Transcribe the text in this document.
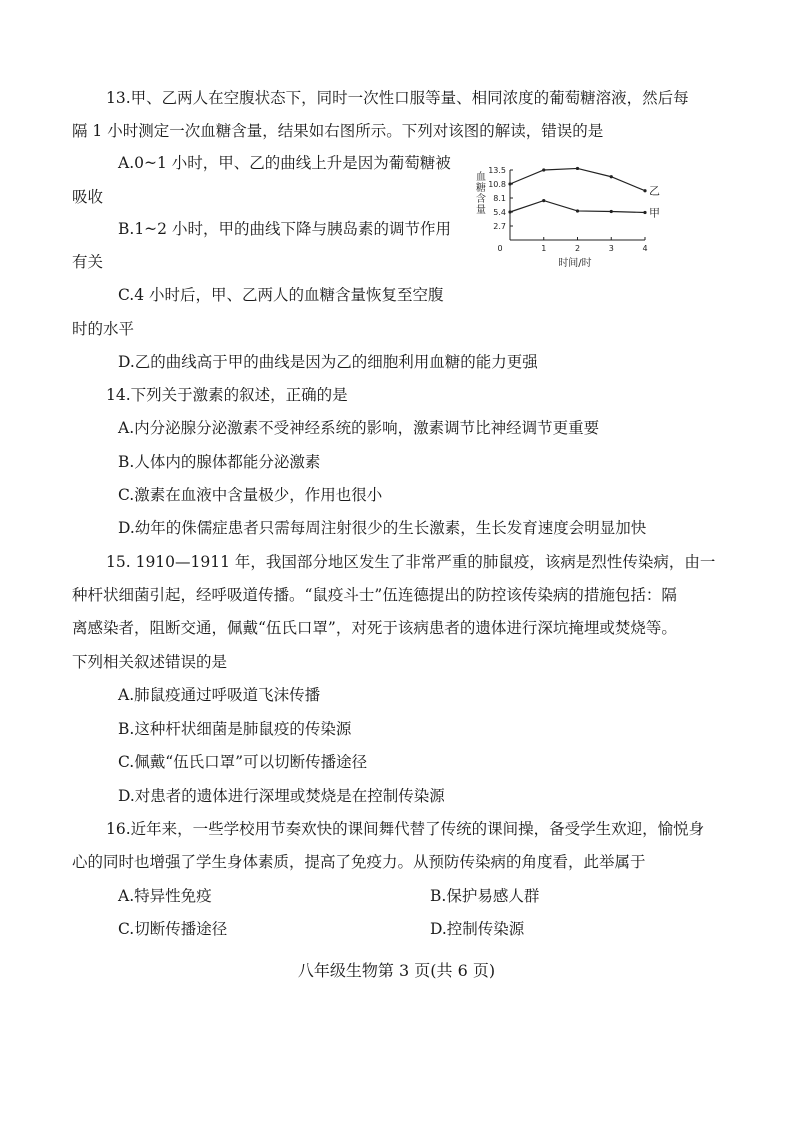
13.甲、乙两人在空腹状态下，同时一次性口服等量、相同浓度的葡萄糖溶液，然后每
隔 1 小时测定一次血糖含量，结果如右图所示。下列对该图的解读，错误的是
A.0~1 小时，甲、乙的曲线上升是因为葡萄糖被
吸收
B.1~2 小时，甲的曲线下降与胰岛素的调节作用
有关
C.4 小时后，甲、乙两人的血糖含量恢复至空腹
时的水平
D.乙的曲线高于甲的曲线是因为乙的细胞利用血糖的能力更强
血糖含量
2.7
5.4
8.1
10.8
13.5
0	1	2	3	4
乙
甲
时间/时
14.下列关于激素的叙述，正确的是
A.内分泌腺分泌激素不受神经系统的影响，激素调节比神经调节更重要
B.人体内的腺体都能分泌激素
C.激素在血液中含量极少，作用也很小
D.幼年的侏儒症患者只需每周注射很少的生长激素，生长发育速度会明显加快
15. 1910—1911 年，我国部分地区发生了非常严重的肺鼠疫，该病是烈性传染病，由一
种杆状细菌引起，经呼吸道传播。“鼠疫斗士”伍连德提出的防控该传染病的措施包括：隔
离感染者，阻断交通，佩戴“伍氏口罩”，对死于该病患者的遗体进行深坑掩埋或焚烧等。
下列相关叙述错误的是
A.肺鼠疫通过呼吸道飞沫传播
B.这种杆状细菌是肺鼠疫的传染源
C.佩戴“伍氏口罩”可以切断传播途径
D.对患者的遗体进行深埋或焚烧是在控制传染源
16.近年来，一些学校用节奏欢快的课间舞代替了传统的课间操，备受学生欢迎，愉悦身
心的同时也增强了学生身体素质，提高了免疫力。从预防传染病的角度看，此举属于
A.特异性免疫	B.保护易感人群
C.切断传播途径	D.控制传染源
八年级生物第 3 页(共 6 页)
